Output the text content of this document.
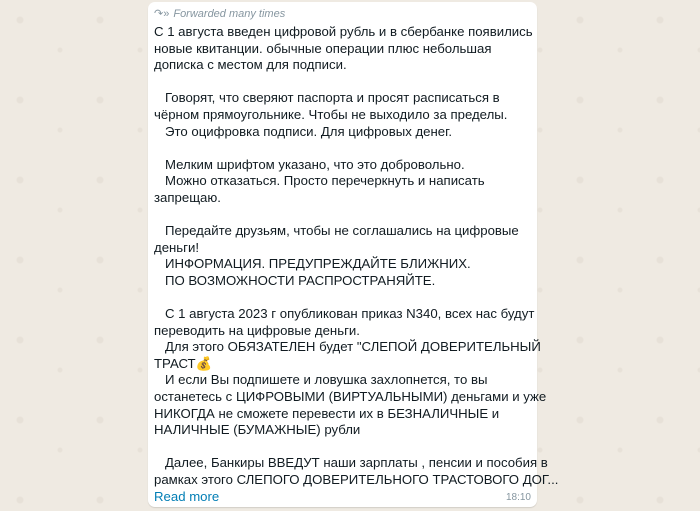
↷» Forwarded many times
С 1 августа введен цифровой рубль и в сбербанке появились
новые квитанции. обычные операции плюс небольшая
дописка с местом для подписи.
Говорят, что сверяют паспорта и просят расписаться в
чёрном прямоугольнике. Чтобы не выходило за пределы.
Это оцифровка подписи. Для цифровых денег.
Мелким шрифтом указано, что это добровольно.
Можно отказаться. Просто перечеркнуть и написать
запрещаю.
Передайте друзьям, чтобы не соглашались на цифровые
деньги!
ИНФОРМАЦИЯ. ПРЕДУПРЕЖДАЙТЕ БЛИЖНИХ.
ПО ВОЗМОЖНОСТИ РАСПРОСТРАНЯЙТЕ.
С 1 августа 2023 г опубликован приказ N340, всех нас будут
переводить на цифровые деньги.
Для этого ОБЯЗАТЕЛЕН будет "СЛЕПОЙ ДОВЕРИТЕЛЬНЫЙ
ТРАСТ💰
И если Вы подпишете и ловушка захлопнется, то вы
останетесь с ЦИФРОВЫМИ (ВИРТУАЛЬНЫМИ) деньгами и уже
НИКОГДА не сможете перевести их в БЕЗНАЛИЧНЫЕ и
НАЛИЧНЫЕ (БУМАЖНЫЕ) рубли
Далее, Банкиры ВВЕДУТ наши зарплаты , пенсии и пособия в
рамках этого СЛЕПОГО ДОВЕРИТЕЛЬНОГО ТРАСТОВОГО ДОГ...
Read more	18:10
